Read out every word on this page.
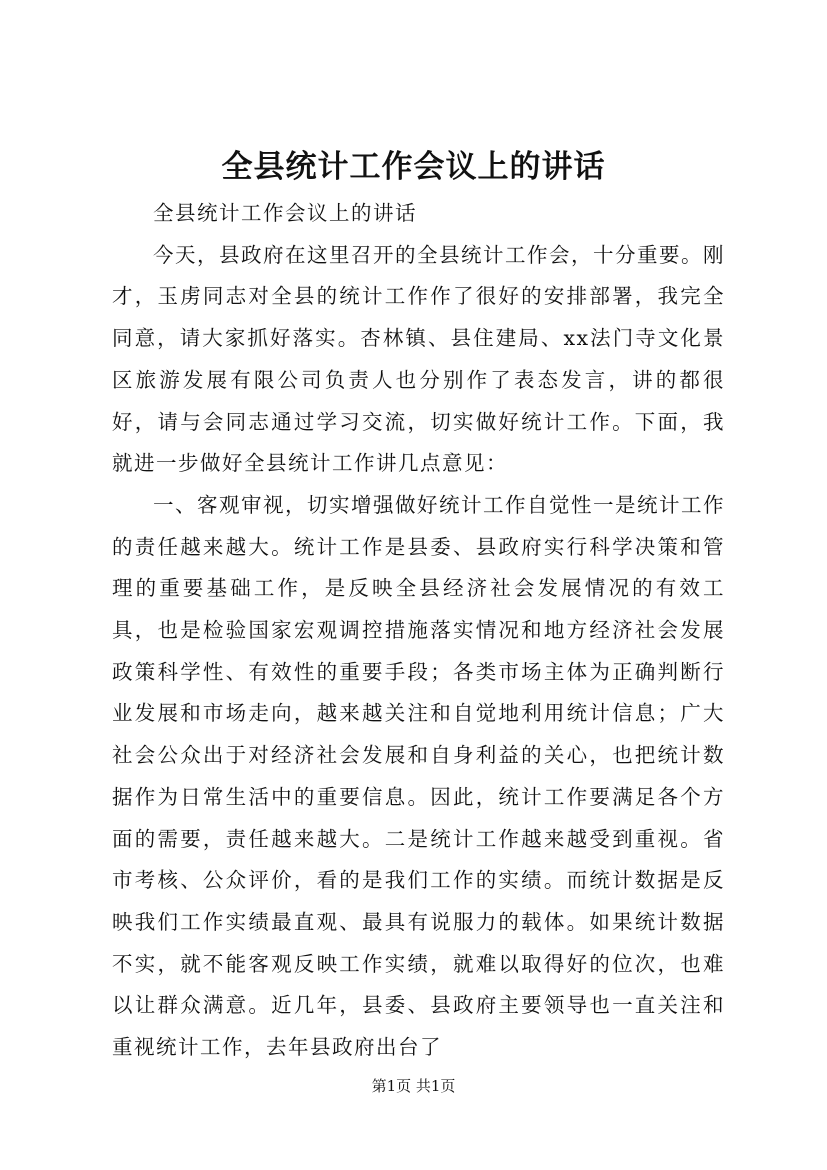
全县统计工作会议上的讲话

全县统计工作会议上的讲话

今天，县政府在这里召开的全县统计工作会，十分重要。刚才，玉虏同志对全县的统计工作作了很好的安排部署，我完全同意，请大家抓好落实。杏林镇、县住建局、xx法门寺文化景区旅游发展有限公司负责人也分别作了表态发言，讲的都很好，请与会同志通过学习交流，切实做好统计工作。下面，我就进一步做好全县统计工作讲几点意见：

一、客观审视，切实增强做好统计工作自觉性一是统计工作的责任越来越大。统计工作是县委、县政府实行科学决策和管理的重要基础工作，是反映全县经济社会发展情况的有效工具，也是检验国家宏观调控措施落实情况和地方经济社会发展政策科学性、有效性的重要手段；各类市场主体为正确判断行业发展和市场走向，越来越关注和自觉地利用统计信息；广大社会公众出于对经济社会发展和自身利益的关心，也把统计数据作为日常生活中的重要信息。因此，统计工作要满足各个方面的需要，责任越来越大。二是统计工作越来越受到重视。省市考核、公众评价，看的是我们工作的实绩。而统计数据是反映我们工作实绩最直观、最具有说服力的载体。如果统计数据不实，就不能客观反映工作实绩，就难以取得好的位次，也难以让群众满意。近几年，县委、县政府主要领导也一直关注和重视统计工作，去年县政府出台了

第1页 共1页
